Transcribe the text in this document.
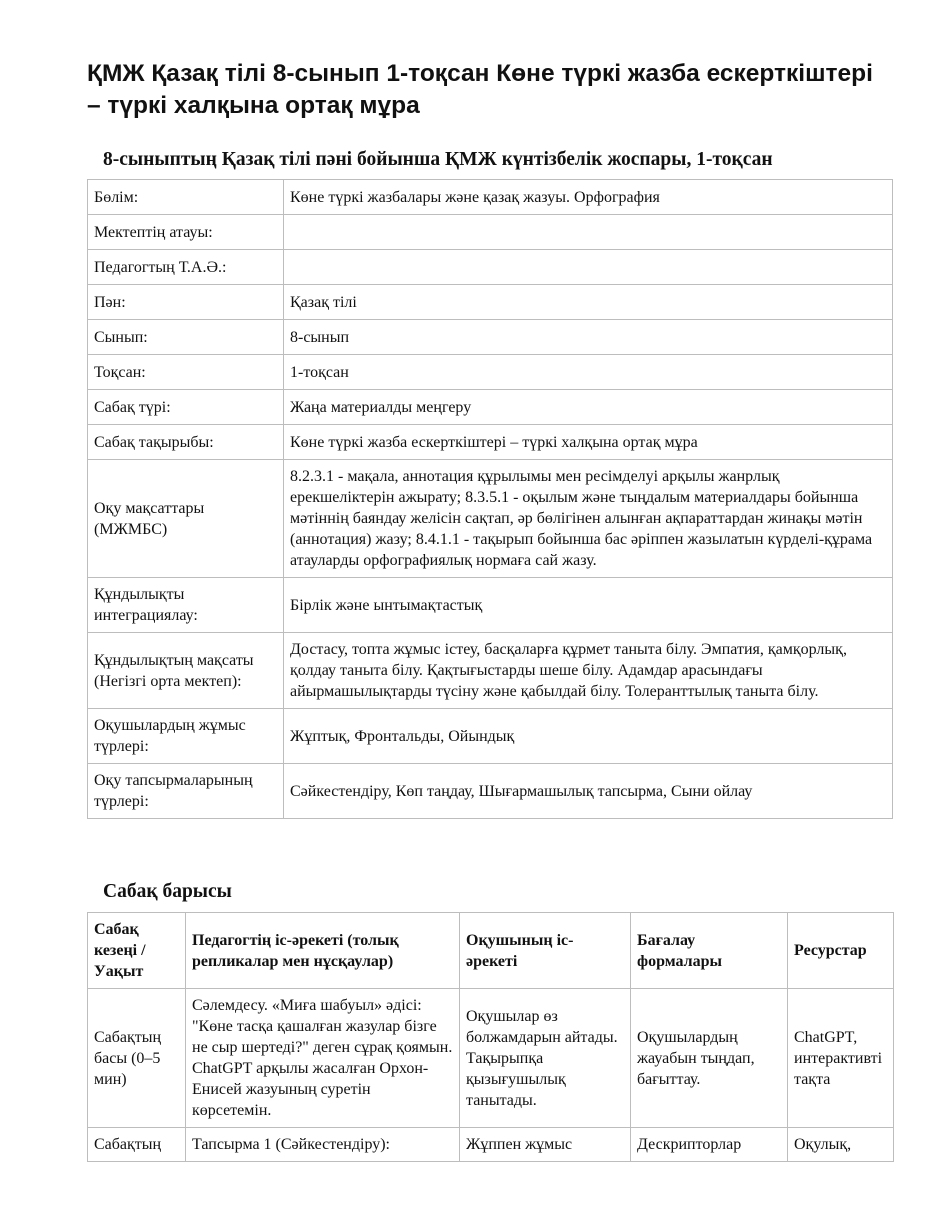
ҚМЖ Қазақ тілі 8-сынып 1-тоқсан Көне түркі жазба ескерткіштері – түркі халқына ортақ мұра
8-сыныптың Қазақ тілі пәні бойынша ҚМЖ күнтізбелік жоспары, 1-тоқсан
Бөлім:	Көне түркі жазбалары және қазақ жазуы. Орфография
Мектептің атауы:	
Педагогтың Т.А.Ә.:	
Пән:	Қазақ тілі
Сынып:	8-сынып
Тоқсан:	1-тоқсан
Сабақ түрі:	Жаңа материалды меңгеру
Сабақ тақырыбы:	Көне түркі жазба ескерткіштері – түркі халқына ортақ мұра
Оқу мақсаттары (МЖМБС)	8.2.3.1 - мақала, аннотация құрылымы мен ресімделуі арқылы жанрлық ерекшеліктерін ажырату; 8.3.5.1 - оқылым және тыңдалым материалдары бойынша мәтіннің баяндау желісін сақтап, әр бөлігінен алынған ақпараттардан жинақы мәтін (аннотация) жазу; 8.4.1.1 - тақырып бойынша бас әріппен жазылатын күрделі-құрама атауларды орфографиялық нормаға сай жазу.
Құндылықты интеграциялау:	Бірлік және ынтымақтастық
Құндылықтың мақсаты (Негізгі орта мектеп):	Достасу, топта жұмыс істеу, басқаларға құрмет таныта білу. Эмпатия, қамқорлық, қолдау таныта білу. Қақтығыстарды шеше білу. Адамдар арасындағы айырмашылықтарды түсіну және қабылдай білу. Толеранттылық таныта білу.
Оқушылардың жұмыс түрлері:	Жұптық, Фронтальды, Ойындық
Оқу тапсырмаларының түрлері:	Сәйкестендіру, Көп таңдау, Шығармашылық тапсырма, Сыни ойлау
Сабақ барысы
Сабақ кезеңі / Уақыт	Педагогтің іс-әрекеті (толық репликалар мен нұсқаулар)	Оқушының іс-әрекеті	Бағалау формалары	Ресурстар
Сабақтың басы (0–5 мин)	Сәлемдесу. «Миға шабуыл» әдісі: "Көне тасқа қашалған жазулар бізге не сыр шертеді?" деген сұрақ қоямын. ChatGPT арқылы жасалған Орхон-Енисей жазуының суретін көрсетемін.	Оқушылар өз болжамдарын айтады. Тақырыпқа қызығушылық танытады.	Оқушылардың жауабын тыңдап, бағыттау.	ChatGPT, интерактивті тақта
Сабақтың	Тапсырма 1 (Сәйкестендіру):	Жұппен жұмыс	Дескрипторлар	Оқулық,
